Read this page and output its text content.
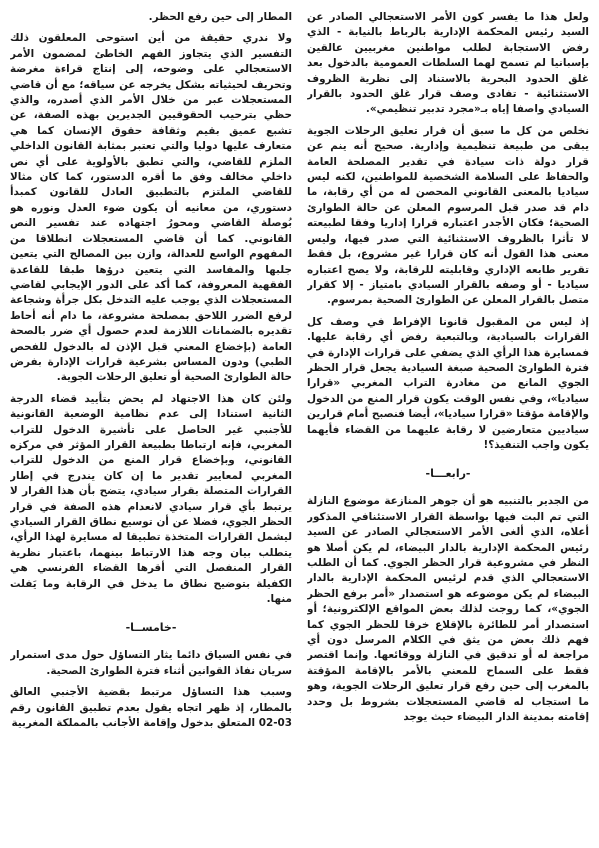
ولعل هذا ما يفسر كون الأمر الاستعجالي الصادر عن السيد رئيس المحكمة الإدارية بالرباط بالنيابة - الذي رفض الاستجابة لطلب مواطنين مغربيين عالقين بإسبانيا لم تسمح لهما السلطات العمومية بالدخول بعد غلق الحدود البحرية بالاستناد إلى نظرية الظروف الاستثنائية - تفادى وصف قرار غلق الحدود بالقرار السيادي واصفا إياه بـ«مجرد تدبير تنظيمي».

نخلص من كل ما سبق أن قرار تعليق الرحلات الجوية يبقى من طبيعة تنظيمية وإدارية. صحيح أنه ينم عن قرار دولة ذات سيادة في تقدير المصلحة العامة والحفاظ على السلامة الشخصية للمواطنين، لكنه ليس سياديا بالمعنى القانوني المحصن له من أي رقابة، ما دام قد صدر قبل المرسوم المعلن عن حالة الطوارئ الصحية؛ فكان الأجدر اعتباره قرارا إداريا وفقا لطبيعته لا تأثرا بالظروف الاستثنائية التي صدر فيها، وليس معنى هذا القول أنه كان قرارا غير مشروع، بل فقط تقرير طابعه الإداري وقابليته للرقابة، ولا يصح اعتباره سياديا - أو وصفه بالقرار السيادي بامتياز - إلا كقرار متصل بالقرار المعلن عن الطوارئ الصحية بمرسوم.

إذ ليس من المقبول قانونا الإفراط في وصف كل القرارات بالسيادية، وبالتبعية رفض أي رقابة عليها. فمسايرة هذا الرأي الذي يضفي على قرارات الإدارة في فترة الطوارئ الصحية صبغة السيادية يجعل قرار الحظر الجوي المانع من مغادرة التراب المغربي «قرارا سياديا»، وفي نفس الوقت يكون قرار المنع من الدخول والإقامة مؤقتا «قرارا سياديا»، أيضا فنصبح أمام قرارين سياديين متعارضين لا رقابة عليهما من القضاء فأيهما يكون واجب التنفيذ؟!

-رابعـــا-

من الجدير بالتنبيه هو أن جوهر المنازعة موضوع النازلة التي تم البت فيها بواسطة القرار الاستئنافي المذكور أعلاه، الذي ألغى الأمر الاستعجالي الصادر عن السيد رئيس المحكمة الإدارية بالدار البيضاء، لم يكن أصلا هو النظر في مشروعية قرار الحظر الجوي. كما أن الطلب الاستعجالي الذي قدم لرئيس المحكمة الإدارية بالدار البيضاء لم يكن موضوعه هو استصدار «أمر برفع الحظر الجوي»، كما روجت لذلك بعض المواقع الإلكترونية؛ أو استصدار أمر للطائرة بالإقلاع خرقا للحظر الجوي كما فهم ذلك بعض من يثق في الكلام المرسل دون أي مراجعة له أو تدقيق في النازلة ووقائعها. وإنما اقتصر فقط على السماح للمعني بالأمر بالإقامة المؤقتة بالمغرب إلى حين رفع قرار تعليق الرحلات الجوية، وهو ما استجاب له قاضي المستعجلات بشروط بل وحدد إقامته بمدينة الدار البيضاء حيث يوجد

المطار إلى حين رفع الحظر.

ولا ندري حقيقة من أين استوحى المعلقون ذلك التفسير الذي يتجاوز الفهم الخاطئ لمضمون الأمر الاستعجالي على وضوحه، إلى إنتاج قراءة مغرضة وتحريف لحيثياته بشكل يخرجه عن سياقه؛ مع أن قاضي المستعجلات عبر من خلال الأمر الذي أصدره، والذي حظي بترحيب الحقوقيين الجديرين بهذه الصفة، عن تشبع عميق بقيم وثقافة حقوق الإنسان كما هي متعارف عليها دوليا والتي تعتبر بمثابة القانون الداخلي الملزم للقاضي، والتي تطبق بالأولوية على أي نص داخلي مخالف وفق ما أقره الدستور، كما كان مثالا للقاضي الملتزم بالتطبيق العادل للقانون كمبدأ دستوري، من معانيه أن يكون ضوء العدل ونوره هو بُوصلة القاضي ومحورُ اجتهاده عند تفسير النص القانوني. كما أن قاضي المستعجلات انطلاقا من المفهوم الواسع للعدالة، وازن بين المصالح التي يتعين جلبها والمفاسد التي يتعين درؤها طبقا للقاعدة الفقهية المعروفة، كما أكد على الدور الإيجابي لقاضي المستعجلات الذي يوجب عليه التدخل بكل جرأة وشجاعة لرفع الضرر اللاحق بمصلحة مشروعة، ما دام أنه أحاط تقديره بالضمانات اللازمة لعدم حصول أي ضرر بالصحة العامة (بإخضاع المعني قبل الإذن له بالدخول للفحص الطبي) ودون المساس بشرعية قرارات الإدارة بفرض حالة الطوارئ الصحية أو تعليق الرحلات الجوية.

ولئن كان هذا الاجتهاد لم يحض بتأييد قضاء الدرجة الثانية استنادا إلى عدم نظامية الوضعية القانونية للأجنبي غير الحاصل على تأشيرة الدخول للتراب المغربي، فإنه ارتباطا بطبيعة القرار المؤثر في مركزه القانوني، وبإخضاع قرار المنع من الدخول للتراب المغربي لمعايير تقدير ما إن كان يندرج في إطار القرارات المتصلة بقرار سيادي، يتضح بأن هذا القرار لا يرتبط بأي قرار سيادي لانعدام هذه الصفة في قرار الحظر الجوي، فضلا عن أن توسيع نطاق القرار السيادي ليشمل القرارات المتخذة تطبيقا له مسايرة لهذا الرأي، يتطلب بيان وجه هذا الارتباط بينهما، باعتبار نظرية القرار المنفصل التي أقرها القضاء الفرنسي هي الكفيلة بتوضيح نطاق ما يدخل في الرقابة وما يَفلت منها.

-خامســا-

في نفس السياق دائما يثار التساؤل حول مدى استمرار سريان نفاذ القوانين أثناء فترة الطوارئ الصحية.

وسبب هذا التساؤل مرتبط بقضية الأجنبي العالق بالمطار، إذ ظهر اتجاه يقول بعدم تطبيق القانون رقم 03-02 المتعلق بدخول وإقامة الأجانب بالمملكة المغربية
